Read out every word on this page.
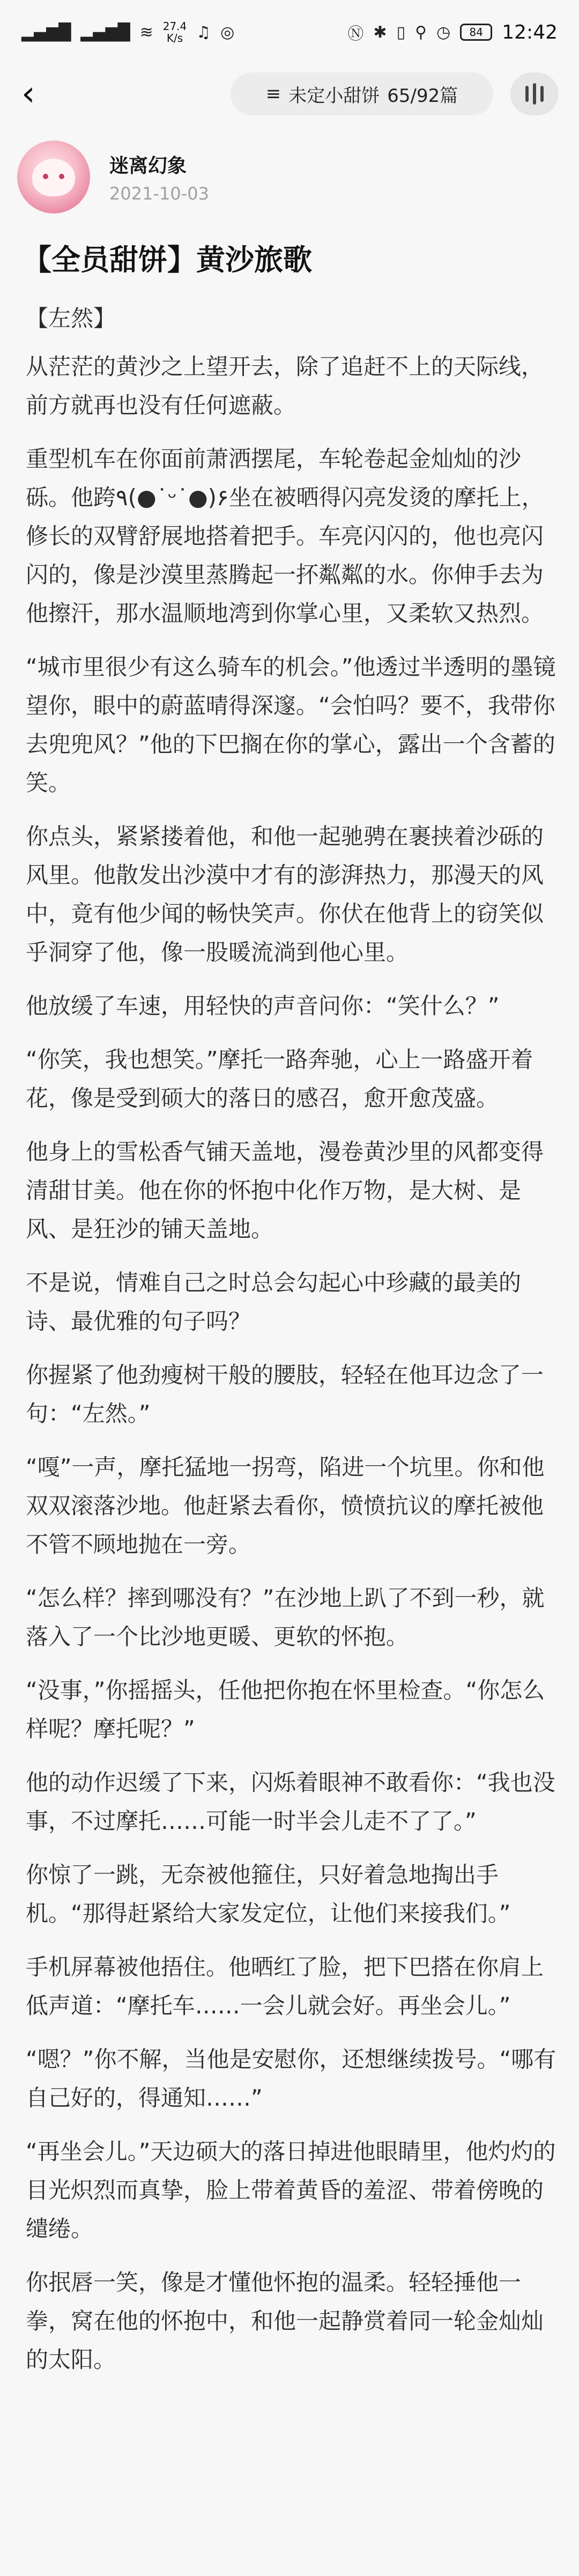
▂▄▆█ ▂▄▆█ ≋ 27.4
K/s ♫ ◎	Ⓝ ✱ ▯ ⚲ ◷	84 12:42
‹	≡ 未定小甜饼 65/92篇
迷离幻象
2021-10-03
【全员甜饼】黄沙旅歌

【左然】

从茫茫的黄沙之上望开去，除了追赶不上的天际线，前方就再也没有任何遮蔽。

重型机车在你面前萧洒摆尾，车轮卷起金灿灿的沙砾。他跨٩(●˙ᵕ˙●)۶坐在被晒得闪亮发烫的摩托上，修长的双臂舒展地搭着把手。车亮闪闪的，他也亮闪闪的，像是沙漠里蒸腾起一抔粼粼的水。你伸手去为他擦汗，那水温顺地湾到你掌心里，又柔软又热烈。

“城市里很少有这么骑车的机会。”他透过半透明的墨镜望你，眼中的蔚蓝晴得深邃。“会怕吗？要不，我带你去兜兜风？”他的下巴搁在你的掌心，露出一个含蓄的笑。

你点头，紧紧搂着他，和他一起驰骋在裹挟着沙砾的风里。他散发出沙漠中才有的澎湃热力，那漫天的风中，竟有他少闻的畅快笑声。你伏在他背上的窃笑似乎洞穿了他，像一股暖流淌到他心里。

他放缓了车速，用轻快的声音问你：“笑什么？”

“你笑，我也想笑。”摩托一路奔驰，心上一路盛开着花，像是受到硕大的落日的感召，愈开愈茂盛。

他身上的雪松香气铺天盖地，漫卷黄沙里的风都变得清甜甘美。他在你的怀抱中化作万物，是大树、是风、是狂沙的铺天盖地。

不是说，情难自己之时总会勾起心中珍藏的最美的诗、最优雅的句子吗？

你握紧了他劲瘦树干般的腰肢，轻轻在他耳边念了一句：“左然。”

“嘎”一声，摩托猛地一拐弯，陷进一个坑里。你和他双双滚落沙地。他赶紧去看你，愤愤抗议的摩托被他不管不顾地抛在一旁。

“怎么样？摔到哪没有？”在沙地上趴了不到一秒，就落入了一个比沙地更暖、更软的怀抱。

“没事，”你摇摇头，任他把你抱在怀里检查。“你怎么样呢？摩托呢？”

他的动作迟缓了下来，闪烁着眼神不敢看你：“我也没事，不过摩托……可能一时半会儿走不了了。”

你惊了一跳，无奈被他箍住，只好着急地掏出手机。“那得赶紧给大家发定位，让他们来接我们。”

手机屏幕被他捂住。他晒红了脸，把下巴搭在你肩上低声道：“摩托车……一会儿就会好。再坐会儿。”

“嗯？”你不解，当他是安慰你，还想继续拨号。“哪有自己好的，得通知……”

“再坐会儿。”天边硕大的落日掉进他眼睛里，他灼灼的目光炽烈而真挚，脸上带着黄昏的羞涩、带着傍晚的缱绻。

你抿唇一笑，像是才懂他怀抱的温柔。轻轻捶他一拳，窝在他的怀抱中，和他一起静赏着同一轮金灿灿的太阳。
